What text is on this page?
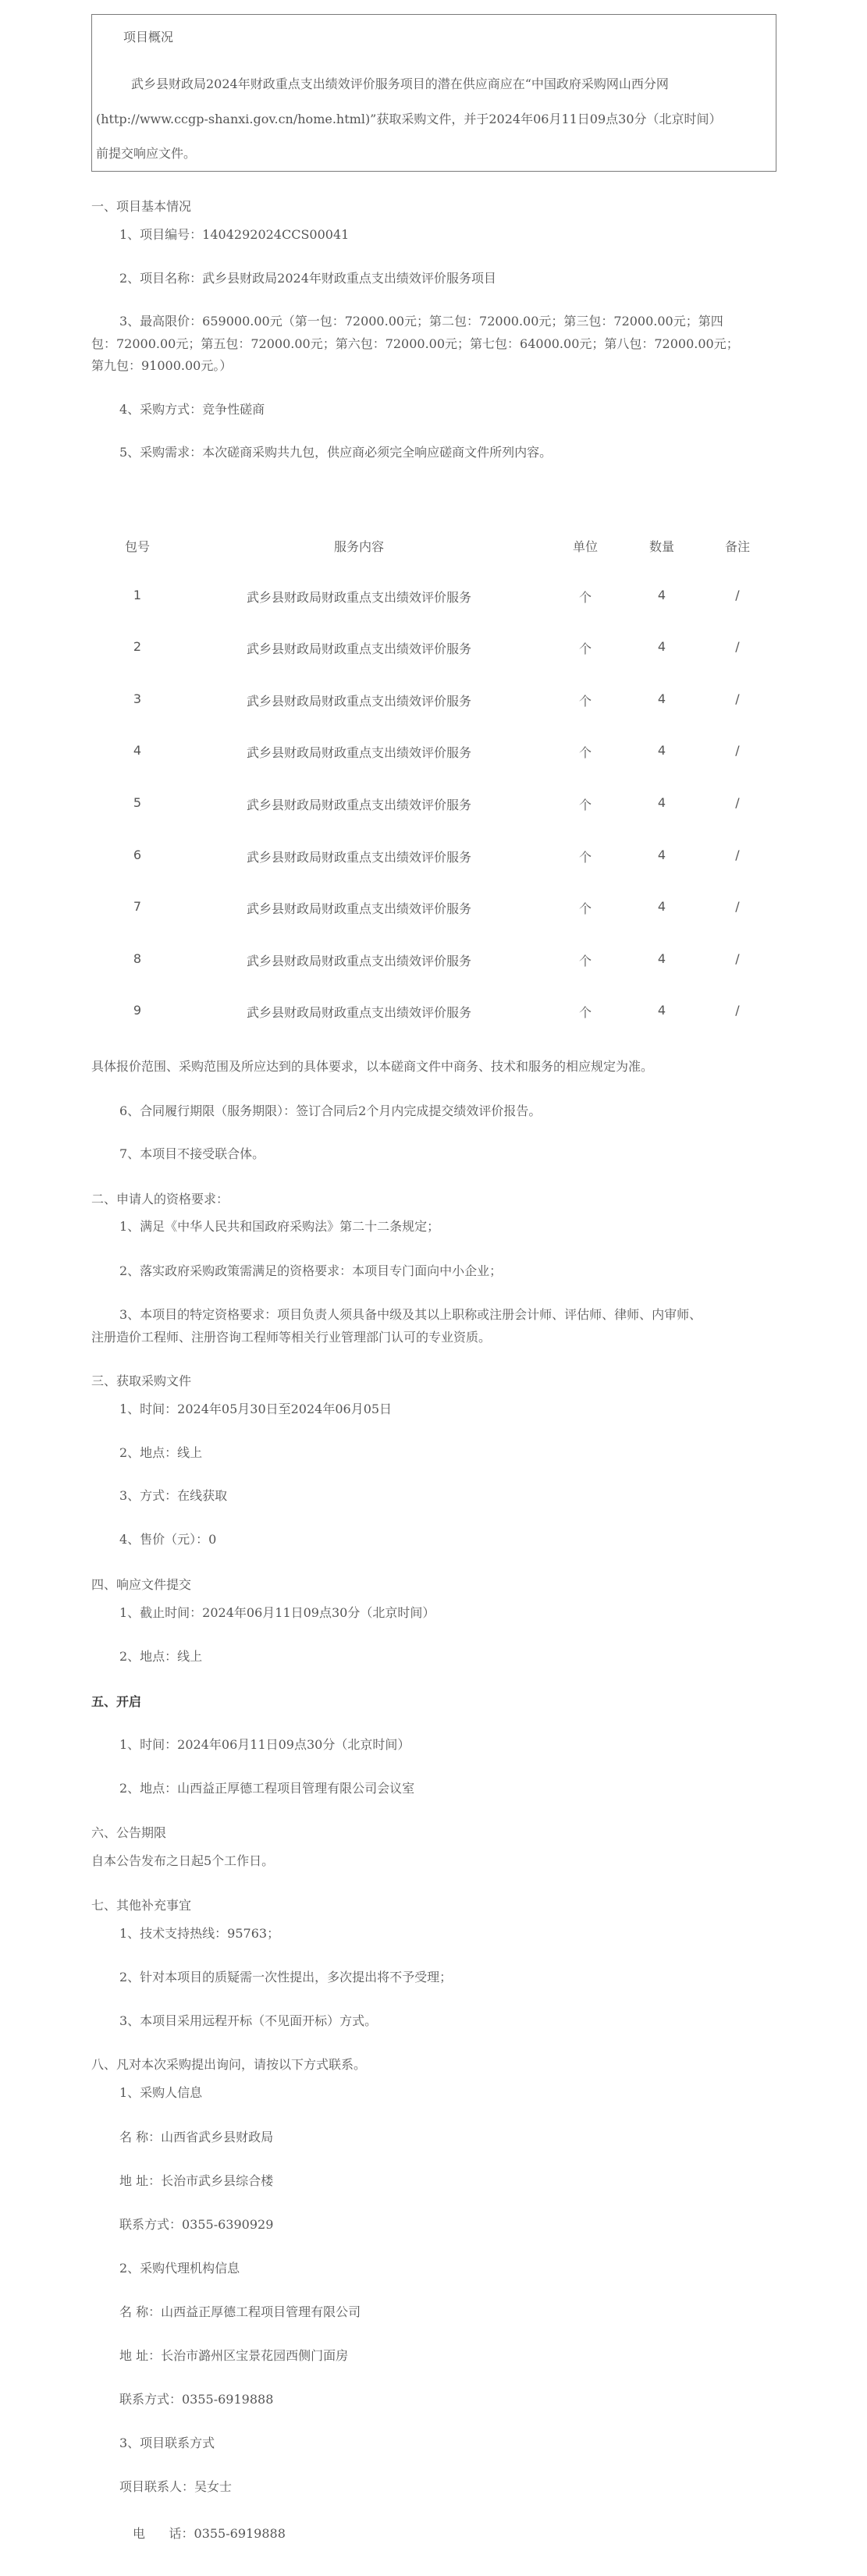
项目概况
武乡县财政局2024年财政重点支出绩效评价服务项目的潜在供应商应在“中国政府采购网山西分网
(http://www.ccgp-shanxi.gov.cn/home.html)”获取采购文件，并于2024年06月11日09点30分（北京时间）
前提交响应文件。
一、项目基本情况
1、项目编号：1404292024CCS00041
2、项目名称：武乡县财政局2024年财政重点支出绩效评价服务项目
3、最高限价：659000.00元（第一包：72000.00元；第二包：72000.00元；第三包：72000.00元；第四
包：72000.00元；第五包：72000.00元；第六包：72000.00元；第七包：64000.00元；第八包：72000.00元；
第九包：91000.00元。）
4、采购方式：竞争性磋商
5、采购需求：本次磋商采购共九包，供应商必须完全响应磋商文件所列内容。
包号	服务内容	单位	数量	备注
1	武乡县财政局财政重点支出绩效评价服务	个	4	/
2	武乡县财政局财政重点支出绩效评价服务	个	4	/
3	武乡县财政局财政重点支出绩效评价服务	个	4	/
4	武乡县财政局财政重点支出绩效评价服务	个	4	/
5	武乡县财政局财政重点支出绩效评价服务	个	4	/
6	武乡县财政局财政重点支出绩效评价服务	个	4	/
7	武乡县财政局财政重点支出绩效评价服务	个	4	/
8	武乡县财政局财政重点支出绩效评价服务	个	4	/
9	武乡县财政局财政重点支出绩效评价服务	个	4	/
具体报价范围、采购范围及所应达到的具体要求，以本磋商文件中商务、技术和服务的相应规定为准。
6、合同履行期限（服务期限）：签订合同后2个月内完成提交绩效评价报告。
7、本项目不接受联合体。
二、申请人的资格要求：
1、满足《中华人民共和国政府采购法》第二十二条规定；
2、落实政府采购政策需满足的资格要求：本项目专门面向中小企业；
3、本项目的特定资格要求：项目负责人须具备中级及其以上职称或注册会计师、评估师、律师、内审师、
注册造价工程师、注册咨询工程师等相关行业管理部门认可的专业资质。
三、获取采购文件
1、时间：2024年05月30日至2024年06月05日
2、地点：线上
3、方式：在线获取
4、售价（元）：0
四、响应文件提交
1、截止时间：2024年06月11日09点30分（北京时间）
2、地点：线上
五、开启
1、时间：2024年06月11日09点30分（北京时间）
2、地点：山西益正厚德工程项目管理有限公司会议室
六、公告期限
自本公告发布之日起5个工作日。
七、其他补充事宜
1、技术支持热线：95763；
2、针对本项目的质疑需一次性提出，多次提出将不予受理；
3、本项目采用远程开标（不见面开标）方式。
八、凡对本次采购提出询问，请按以下方式联系。
1、采购人信息
名 称：山西省武乡县财政局
地 址：长治市武乡县综合楼
联系方式：0355-6390929
2、采购代理机构信息
名 称：山西益正厚德工程项目管理有限公司
地 址：长治市潞州区宝景花园西侧门面房
联系方式：0355-6919888
3、项目联系方式
项目联系人：吴女士
电      话：0355-6919888
